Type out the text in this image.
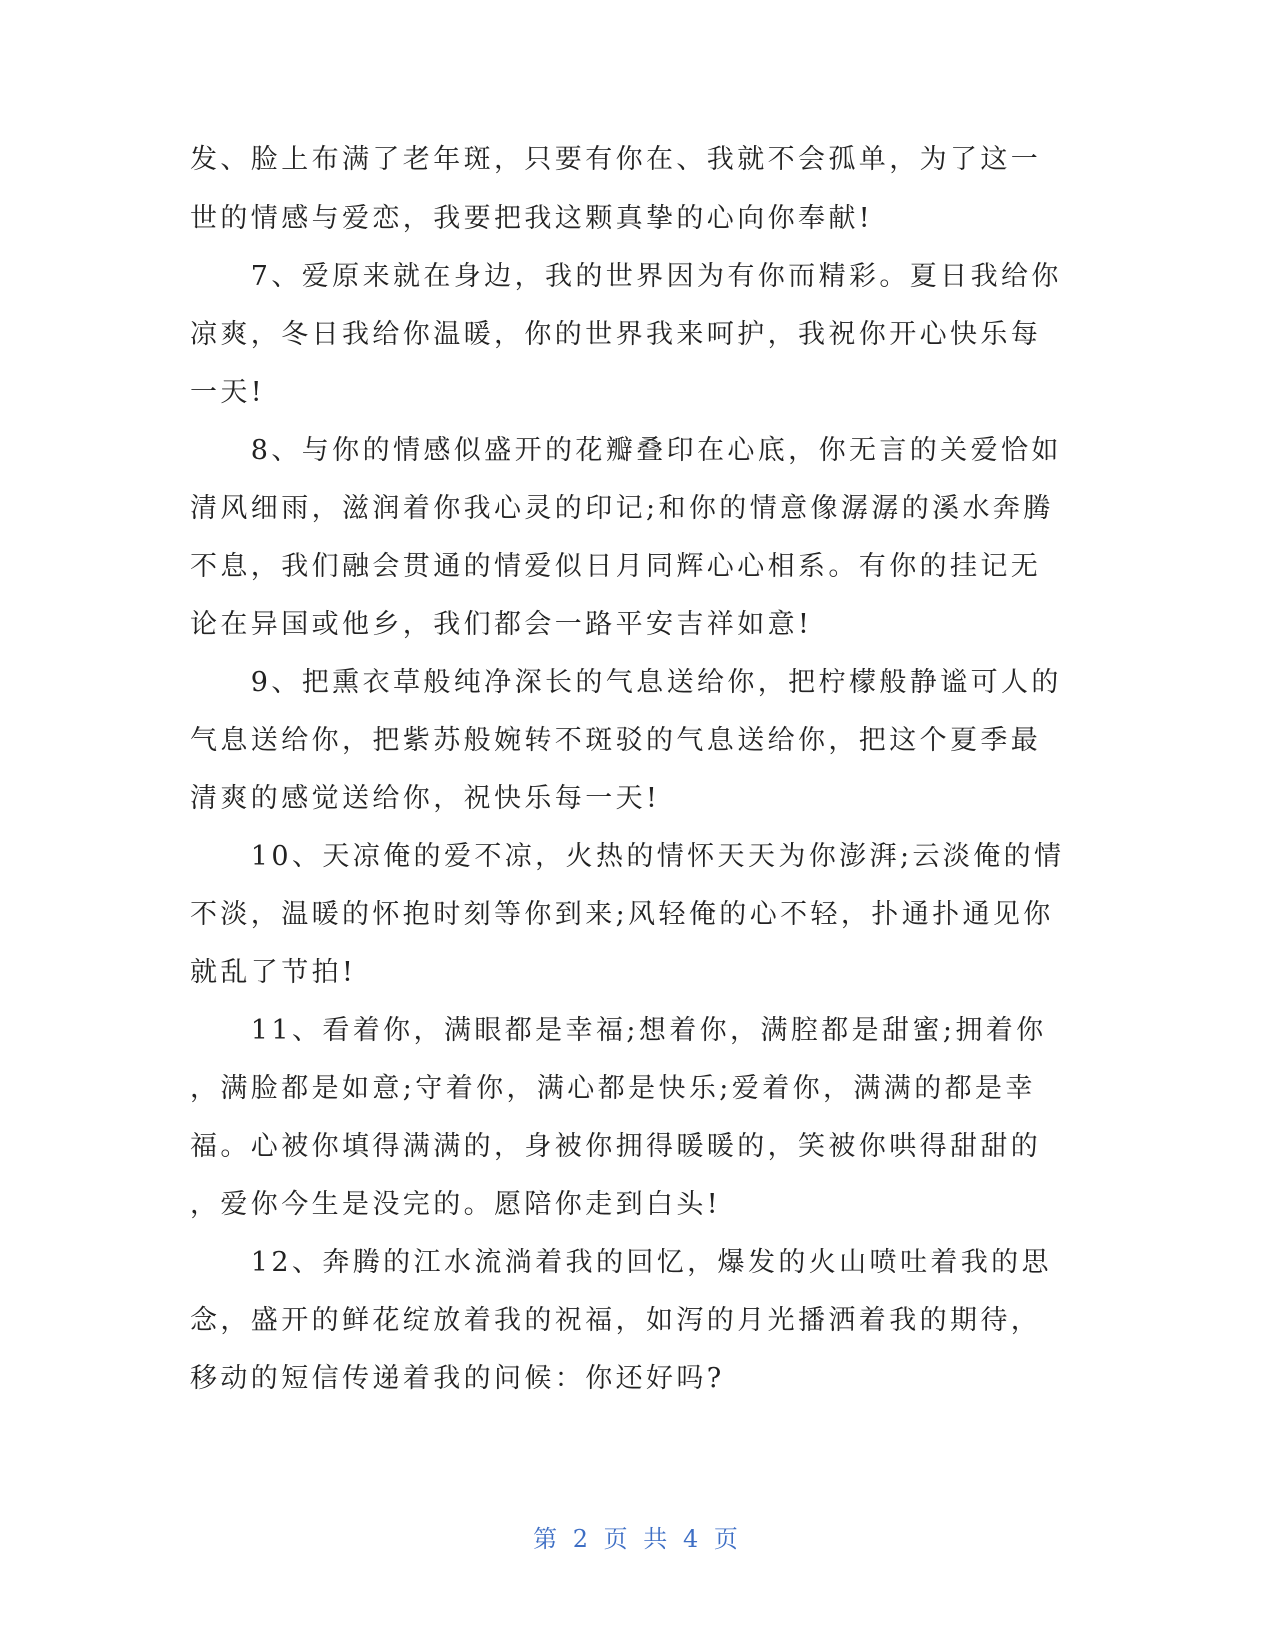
发、脸上布满了老年斑，只要有你在、我就不会孤单，为了这一

世的情感与爱恋，我要把我这颗真挚的心向你奉献!

　　7、爱原来就在身边，我的世界因为有你而精彩。夏日我给你

凉爽，冬日我给你温暖，你的世界我来呵护，我祝你开心快乐每

一天!

　　8、与你的情感似盛开的花瓣叠印在心底，你无言的关爱恰如

清风细雨，滋润着你我心灵的印记;和你的情意像潺潺的溪水奔腾

不息，我们融会贯通的情爱似日月同辉心心相系。有你的挂记无

论在异国或他乡，我们都会一路平安吉祥如意!

　　9、把熏衣草般纯净深长的气息送给你，把柠檬般静谧可人的

气息送给你，把紫苏般婉转不斑驳的气息送给你，把这个夏季最

清爽的感觉送给你，祝快乐每一天!

　　10、天凉俺的爱不凉，火热的情怀天天为你澎湃;云淡俺的情

不淡，温暖的怀抱时刻等你到来;风轻俺的心不轻，扑通扑通见你

就乱了节拍!

　　11、看着你，满眼都是幸福;想着你，满腔都是甜蜜;拥着你

，满脸都是如意;守着你，满心都是快乐;爱着你，满满的都是幸

福。心被你填得满满的，身被你拥得暖暖的，笑被你哄得甜甜的

，爱你今生是没完的。愿陪你走到白头!

　　12、奔腾的江水流淌着我的回忆，爆发的火山喷吐着我的思

念，盛开的鲜花绽放着我的祝福，如泻的月光播洒着我的期待，

移动的短信传递着我的问候：你还好吗?

第 2 页 共 4 页
